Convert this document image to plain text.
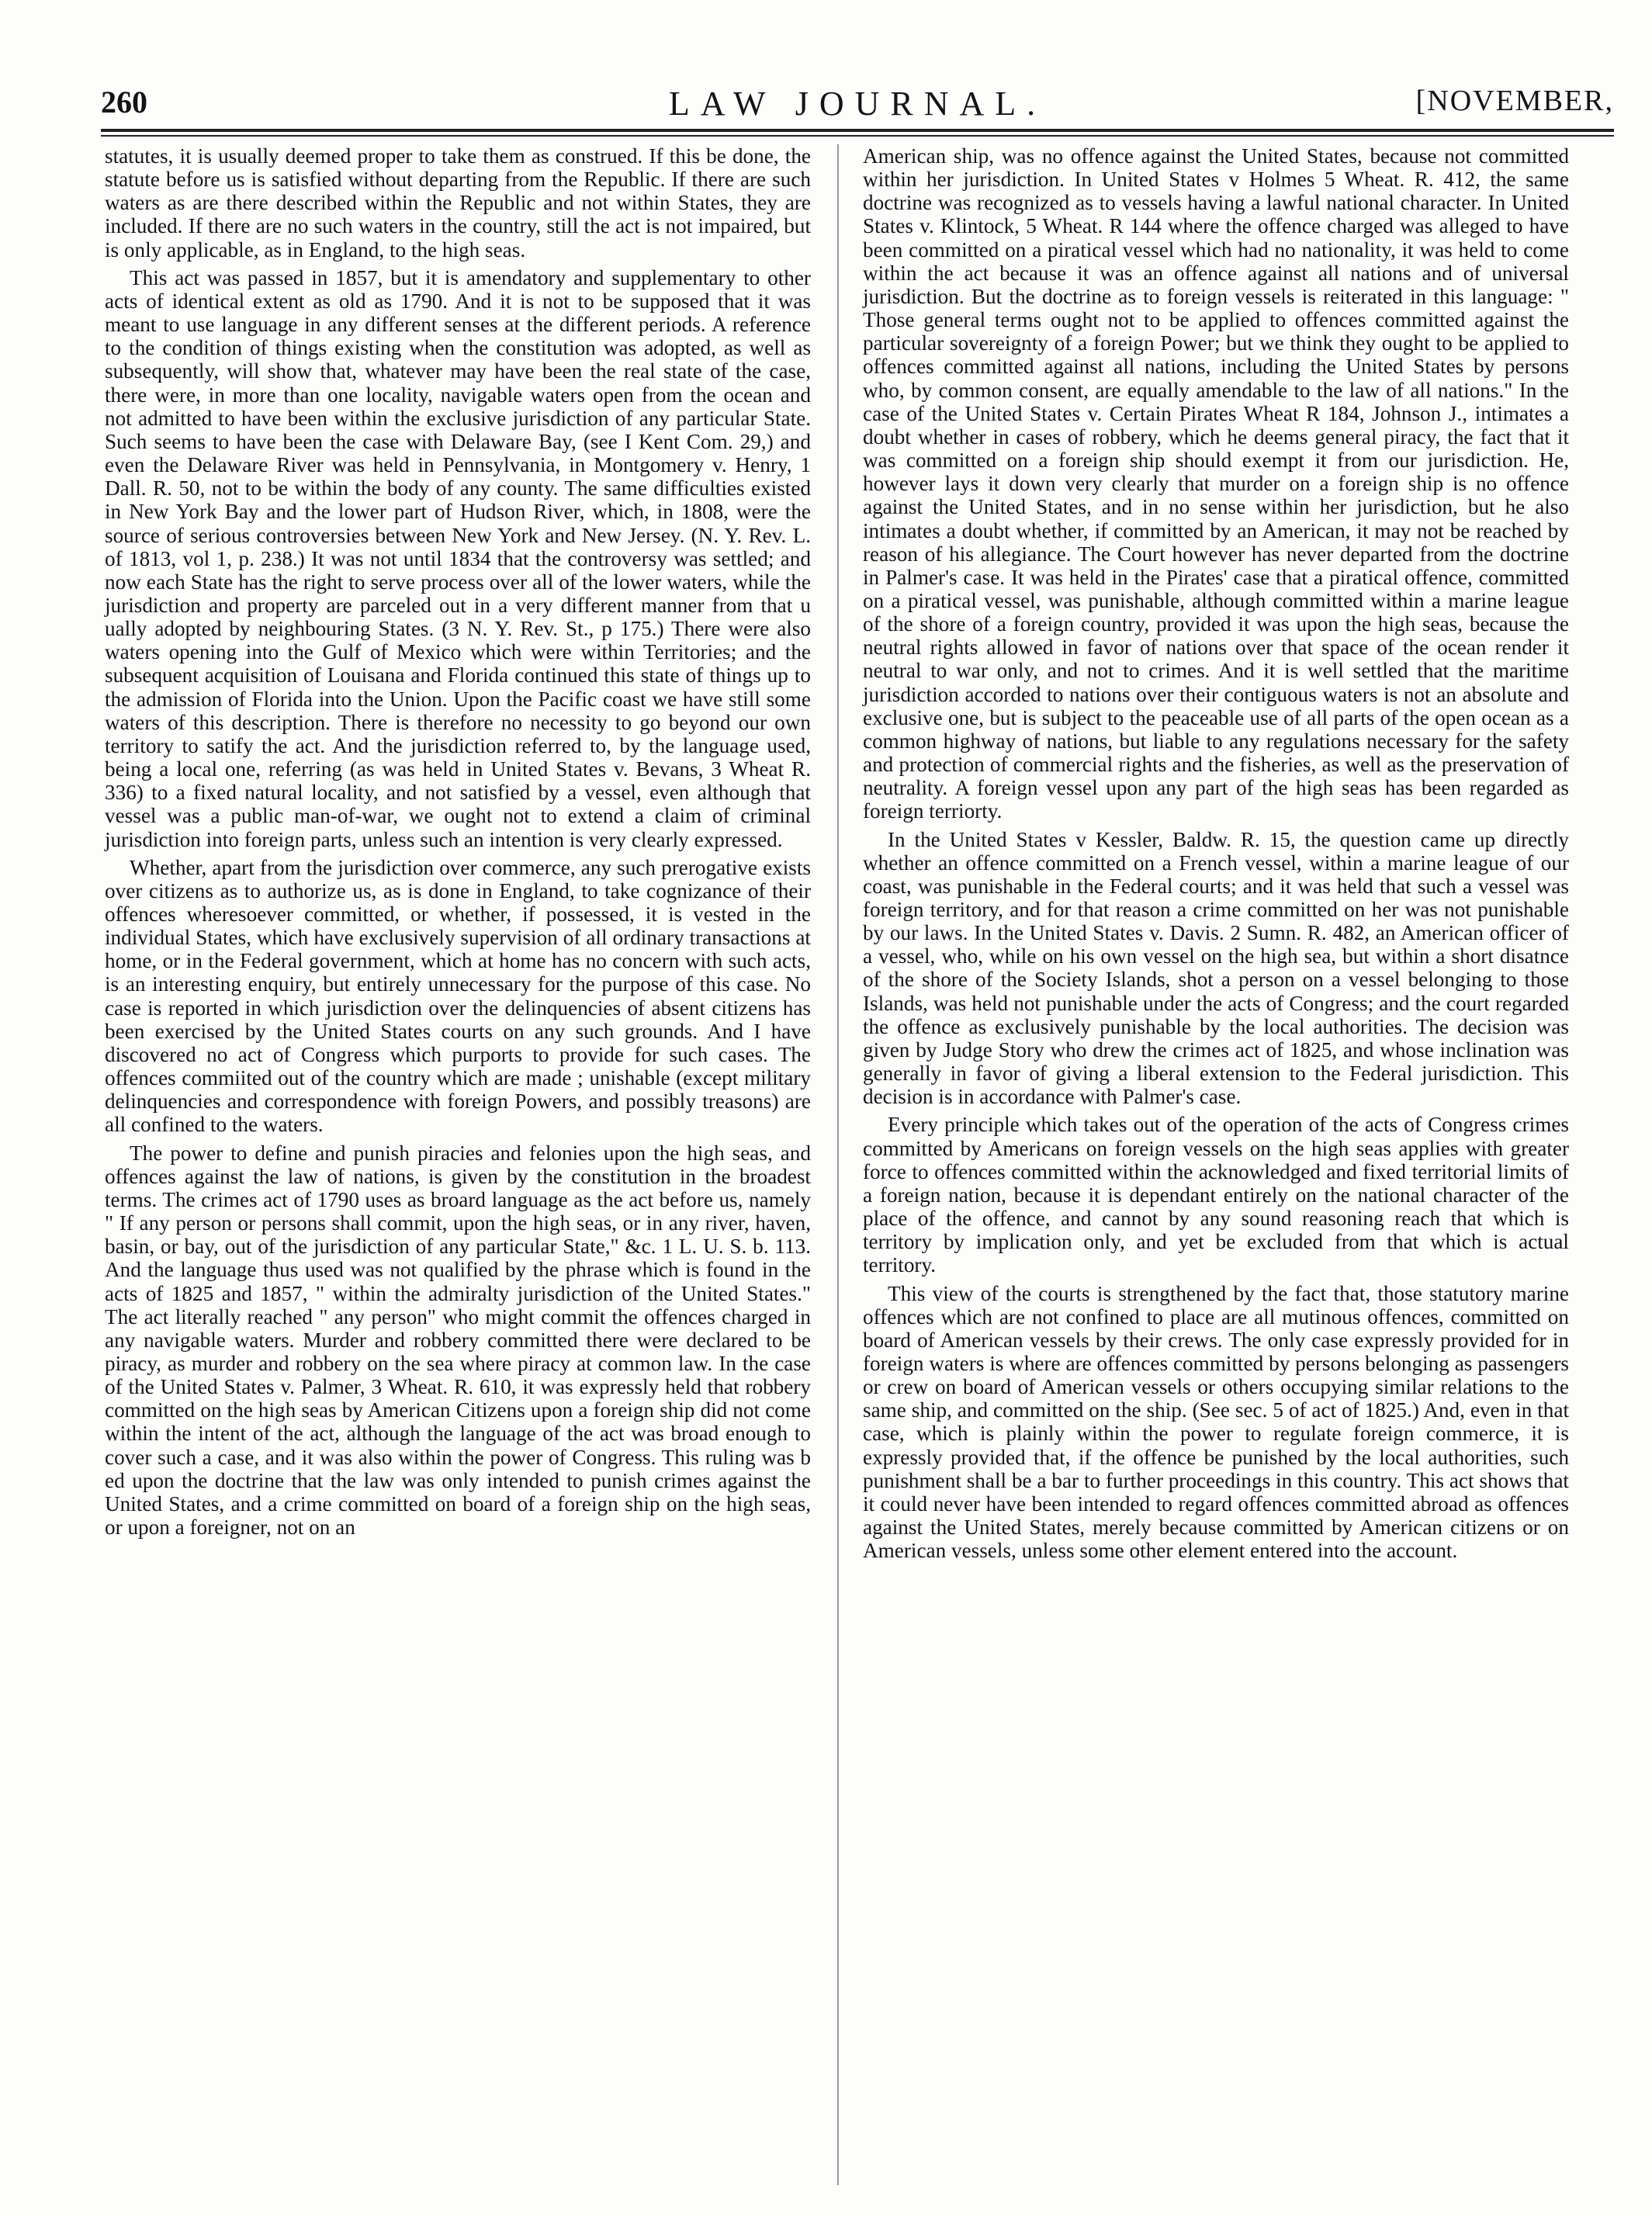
260	LAW JOURNAL.	[NOVEMBER,

statutes, it is usually deemed proper to take them as construed. If this be done, the statute before us is satisfied without departing from the Republic. If there are such waters as are there described within the Republic and not within States, they are included. If there are no such waters in the country, still the act is not impaired, but is only applicable, as in England, to the high seas.

This act was passed in 1857, but it is amendatory and supplementary to other acts of identical extent as old as 1790. And it is not to be supposed that it was meant to use language in any different senses at the different periods. A reference to the condition of things existing when the constitution was adopted, as well as subsequently, will show that, whatever may have been the real state of the case, there were, in more than one locality, navigable waters open from the ocean and not admitted to have been within the exclusive jurisdiction of any particular State. Such seems to have been the case with Delaware Bay, (see I Kent Com. 29,) and even the Delaware River was held in Pennsylvania, in Montgomery v. Henry, 1 Dall. R. 50, not to be within the body of any county. The same difficulties existed in New York Bay and the lower part of Hudson River, which, in 1808, were the source of serious controversies between New York and New Jersey. (N. Y. Rev. L. of 1813, vol 1, p. 238.) It was not until 1834 that the controversy was settled; and now each State has the right to serve process over all of the lower waters, while the jurisdiction and property are parceled out in a very different manner from that u ually adopted by neighbouring States. (3 N. Y. Rev. St., p 175.) There were also waters opening into the Gulf of Mexico which were within Territories; and the subsequent acquisition of Louisana and Florida continued this state of things up to the admission of Florida into the Union. Upon the Pacific coast we have still some waters of this description. There is therefore no necessity to go beyond our own territory to satify the act. And the jurisdiction referred to, by the language used, being a local one, referring (as was held in United States v. Bevans, 3 Wheat R. 336) to a fixed natural locality, and not satisfied by a vessel, even although that vessel was a public man-of-war, we ought not to extend a claim of criminal jurisdiction into foreign parts, unless such an intention is very clearly expressed.

Whether, apart from the jurisdiction over commerce, any such prerogative exists over citizens as to authorize us, as is done in England, to take cognizance of their offences wheresoever committed, or whether, if possessed, it is vested in the individual States, which have exclusively supervision of all ordinary transactions at home, or in the Federal government, which at home has no concern with such acts, is an interesting enquiry, but entirely unnecessary for the purpose of this case. No case is reported in which jurisdiction over the delinquencies of absent citizens has been exercised by the United States courts on any such grounds. And I have discovered no act of Congress which purports to provide for such cases. The offences commiited out of the country which are made ; unishable (except military delinquencies and correspondence with foreign Powers, and possibly treasons) are all confined to the waters.

The power to define and punish piracies and felonies upon the high seas, and offences against the law of nations, is given by the constitution in the broadest terms. The crimes act of 1790 uses as broard language as the act before us, namely " If any person or persons shall commit, upon the high seas, or in any river, haven, basin, or bay, out of the jurisdiction of any particular State," &c. 1 L. U. S. b. 113. And the language thus used was not qualified by the phrase which is found in the acts of 1825 and 1857, " within the admiralty jurisdiction of the United States." The act literally reached " any person" who might commit the offences charged in any navigable waters. Murder and robbery committed there were declared to be piracy, as murder and robbery on the sea where piracy at common law. In the case of the United States v. Palmer, 3 Wheat. R. 610, it was expressly held that robbery committed on the high seas by American Citizens upon a foreign ship did not come within the intent of the act, although the language of the act was broad enough to cover such a case, and it was also within the power of Congress. This ruling was b ed upon the doctrine that the law was only intended to punish crimes against the United States, and a crime committed on board of a foreign ship on the high seas, or upon a foreigner, not on an

American ship, was no offence against the United States, because not committed within her jurisdiction. In United States v Holmes 5 Wheat. R. 412, the same doctrine was recognized as to vessels having a lawful national character. In United States v. Klintock, 5 Wheat. R 144 where the offence charged was alleged to have been committed on a piratical vessel which had no nationality, it was held to come within the act because it was an offence against all nations and of universal jurisdiction. But the doctrine as to foreign vessels is reiterated in this language: " Those general terms ought not to be applied to offences committed against the particular sovereignty of a foreign Power; but we think they ought to be applied to offences committed against all nations, including the United States by persons who, by common consent, are equally amendable to the law of all nations." In the case of the United States v. Certain Pirates Wheat R 184, Johnson J., intimates a doubt whether in cases of robbery, which he deems general piracy, the fact that it was committed on a foreign ship should exempt it from our jurisdiction. He, however lays it down very clearly that murder on a foreign ship is no offence against the United States, and in no sense within her jurisdiction, but he also intimates a doubt whether, if committed by an American, it may not be reached by reason of his allegiance. The Court however has never departed from the doctrine in Palmer's case. It was held in the Pirates' case that a piratical offence, committed on a piratical vessel, was punishable, although committed within a marine league of the shore of a foreign country, provided it was upon the high seas, because the neutral rights allowed in favor of nations over that space of the ocean render it neutral to war only, and not to crimes. And it is well settled that the maritime jurisdiction accorded to nations over their contiguous waters is not an absolute and exclusive one, but is subject to the peaceable use of all parts of the open ocean as a common highway of nations, but liable to any regulations necessary for the safety and protection of commercial rights and the fisheries, as well as the preservation of neutrality. A foreign vessel upon any part of the high seas has been regarded as foreign terriorty.

In the United States v Kessler, Baldw. R. 15, the question came up directly whether an offence committed on a French vessel, within a marine league of our coast, was punishable in the Federal courts; and it was held that such a vessel was foreign territory, and for that reason a crime committed on her was not punishable by our laws. In the United States v. Davis. 2 Sumn. R. 482, an American officer of a vessel, who, while on his own vessel on the high sea, but within a short disatnce of the shore of the Society Islands, shot a person on a vessel belonging to those Islands, was held not punishable under the acts of Congress; and the court regarded the offence as exclusively punishable by the local authorities. The decision was given by Judge Story who drew the crimes act of 1825, and whose inclination was generally in favor of giving a liberal extension to the Federal jurisdiction. This decision is in accordance with Palmer's case.

Every principle which takes out of the operation of the acts of Congress crimes committed by Americans on foreign vessels on the high seas applies with greater force to offences committed within the acknowledged and fixed territorial limits of a foreign nation, because it is dependant entirely on the national character of the place of the offence, and cannot by any sound reasoning reach that which is territory by implication only, and yet be excluded from that which is actual territory.

This view of the courts is strengthened by the fact that, those statutory marine offences which are not confined to place are all mutinous offences, committed on board of American vessels by their crews. The only case expressly provided for in foreign waters is where are offences committed by persons belonging as passengers or crew on board of American vessels or others occupying similar relations to the same ship, and committed on the ship. (See sec. 5 of act of 1825.) And, even in that case, which is plainly within the power to regulate foreign commerce, it is expressly provided that, if the offence be punished by the local authorities, such punishment shall be a bar to further proceedings in this country. This act shows that it could never have been intended to regard offences committed abroad as offences against the United States, merely because committed by American citizens or on American vessels, unless some other element entered into the account.
